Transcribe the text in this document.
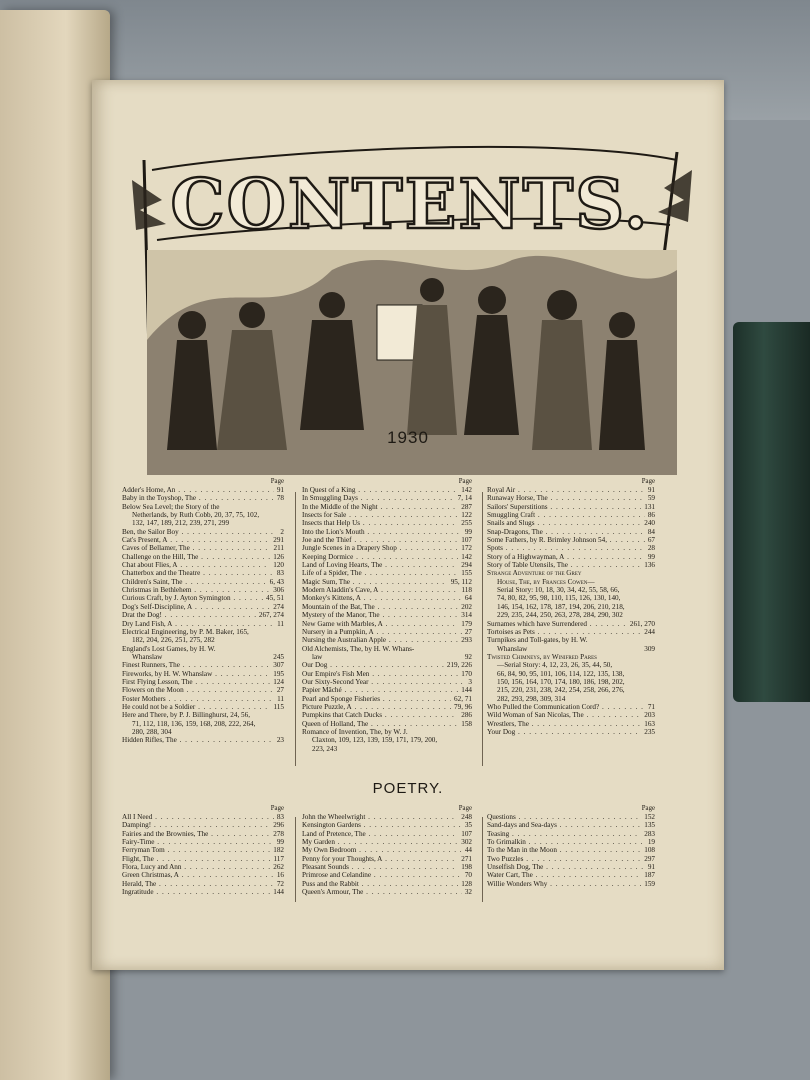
CONTENTS.
1930
Page
Adder's Home, An . . .	91
Baby in the Toyshop, The . . .	78
Below Sea Level; the Story of the
Netherlands, by Ruth Cobb, 20, 37, 75, 102,
132, 147, 189, 212, 239, 271, 299
Ben, the Sailor Boy . . .	2
Cat's Present, A . . .	291
Caves of Bellamer, The . . .	211
Challenge on the Hill, The . . .	126
Chat about Flies, A . . .	120
Chatterbox and the Theatre . . .	83
Children's Saint, The . . .	6, 43
Christmas in Bethlehem . . .	306
Curious Craft, by J. Ayton Symington . . .	45, 51
Dog's Self-Discipline, A . . .	274
Drat the Dog! . . .	267, 274
Dry Land Fish, A . . .	11
Electrical Engineering, by P. M. Baker, 165,
182, 204, 226, 251, 275, 282
England's Lost Games, by H. W.
Whanslaw	245
Finest Runners, The . . .	307
Fireworks, by H. W. Whanslaw . . .	195
First Flying Lesson, The . . .	124
Flowers on the Moon . . .	27
Foster Mothers . . .	11
He could not be a Soldier . . .	115
Here and There, by P. J. Billinghurst, 24, 56,
71, 112, 118, 136, 159, 168, 208, 222, 264,
280, 288, 304
Hidden Rifles, The . . .	23
Page
In Quest of a King . . .	142
In Smuggling Days . . .	7, 14
In the Middle of the Night . . .	287
Insects for Sale . . .	122
Insects that Help Us . . .	255
Into the Lion's Mouth . . .	99
Joe and the Thief . . .	107
Jungle Scenes in a Drapery Shop . . .	172
Keeping Dormice . . .	142
Land of Loving Hearts, The . . .	294
Life of a Spider, The . . .	155
Magic Sum, The . . .	95, 112
Modern Aladdin's Cave, A . . .	118
Monkey's Kittens, A . . .	64
Mountain of the Bat, The . . .	202
Mystery of the Manor, The . . .	314
New Game with Marbles, A . . .	179
Nursery in a Pumpkin, A . . .	27
Nursing the Australian Apple . . .	293
Old Alchemists, The, by H. W. Whans-
law	92
Our Dog . . .	219, 226
Our Empire's Fish Men . . .	170
Our Sixty-Second Year . . .	3
Papier Mâché . . .	144
Pearl and Sponge Fisheries . . .	62, 71
Picture Puzzle, A . . .	79, 96
Pumpkins that Catch Ducks . . .	286
Queen of Holland, The . . .	158
Romance of Invention, The, by W. J.
Claxton, 109, 123, 139, 159, 171, 179, 200,
223, 243
Page
Royal Air . . .	91
Runaway Horse, The . . .	59
Sailors' Superstitions . . .	131
Smuggling Craft . . .	86
Snails and Slugs . . .	240
Snap-Dragons, The . . .	84
Some Fathers, by R. Brimley Johnson 54, . . .	67
Spots . . .	28
Story of a Highwayman, A . . .	99
Story of Table Utensils, The . . .	136
Strange Adventure of the Grey
House, The, by Frances Cowen—
Serial Story: 10, 18, 30, 34, 42, 55, 58, 66,
74, 80, 82, 95, 98, 110, 115, 126, 130, 140,
146, 154, 162, 178, 187, 194, 206, 210, 218,
229, 235, 244, 250, 263, 278, 284, 290, 302
Surnames which have Surrendered . . .	261, 270
Tortoises as Pets . . .	244
Turnpikes and Toll-gates, by H. W.
Whanslaw	309
Twisted Chimneys, by Winifred Pares
—Serial Story: 4, 12, 23, 26, 35, 44, 50,
66, 84, 90, 95, 101, 106, 114, 122, 135, 138,
150, 156, 164, 170, 174, 180, 186, 198, 202,
215, 220, 231, 238, 242, 254, 258, 266, 276,
282, 293, 298, 309, 314
Who Pulled the Communication Cord? . . .	71
Wild Woman of San Nicolas, The . . .	203
Wrestlers, The . . .	163
Your Dog . . .	235
POETRY.
Page
All I Need . . .	83
Damping! . . .	296
Fairies and the Brownies, The . . .	278
Fairy-Time . . .	99
Ferryman Tom . . .	182
Flight, The . . .	117
Flora, Lucy and Ann . . .	262
Green Christmas, A . . .	16
Herald, The . . .	72
Ingratitude . . .	144
Page
John the Wheelwright . . .	248
Kensington Gardens . . .	35
Land of Pretence, The . . .	107
My Garden . . .	302
My Own Bedroom . . .	44
Penny for your Thoughts, A . . .	271
Pleasant Sounds . . .	198
Primrose and Celandine . . .	70
Puss and the Rabbit . . .	128
Queen's Armour, The . . .	32
Page
Questions . . .	152
Sand-days and Sea-days . . .	135
Teasing . . .	283
To Grimalkin . . .	19
To the Man in the Moon . . .	108
Two Puzzles . . .	297
Unselfish Dog, The . . .	91
Water Cart, The . . .	187
Willie Wonders Why . . .	159
